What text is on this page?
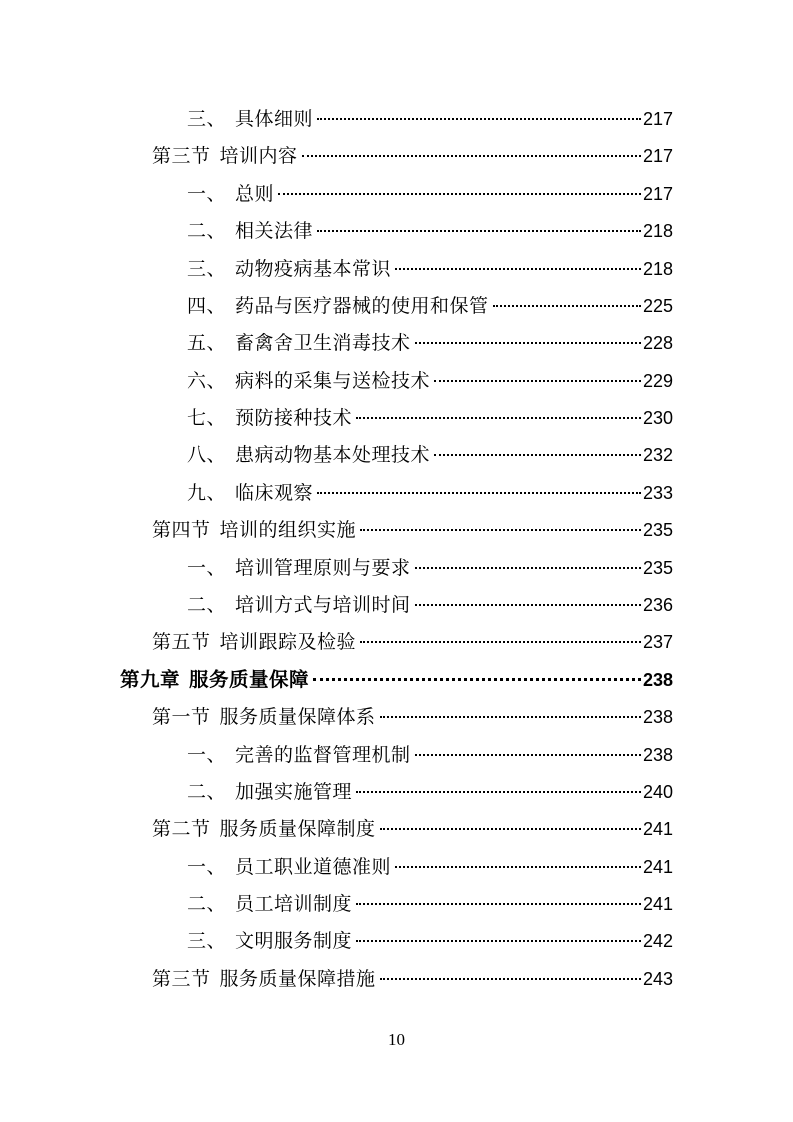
三、 具体细则	217
第三节 培训内容	217
一、 总则	217
二、 相关法律	218
三、 动物疫病基本常识	218
四、 药品与医疗器械的使用和保管	225
五、 畜禽舍卫生消毒技术	228
六、 病料的采集与送检技术	229
七、 预防接种技术	230
八、 患病动物基本处理技术	232
九、 临床观察	233
第四节 培训的组织实施	235
一、 培训管理原则与要求	235
二、 培训方式与培训时间	236
第五节 培训跟踪及检验	237
第九章 服务质量保障	238
第一节 服务质量保障体系	238
一、 完善的监督管理机制	238
二、 加强实施管理	240
第二节 服务质量保障制度	241
一、 员工职业道德准则	241
二、 员工培训制度	241
三、 文明服务制度	242
第三节 服务质量保障措施	243
10
